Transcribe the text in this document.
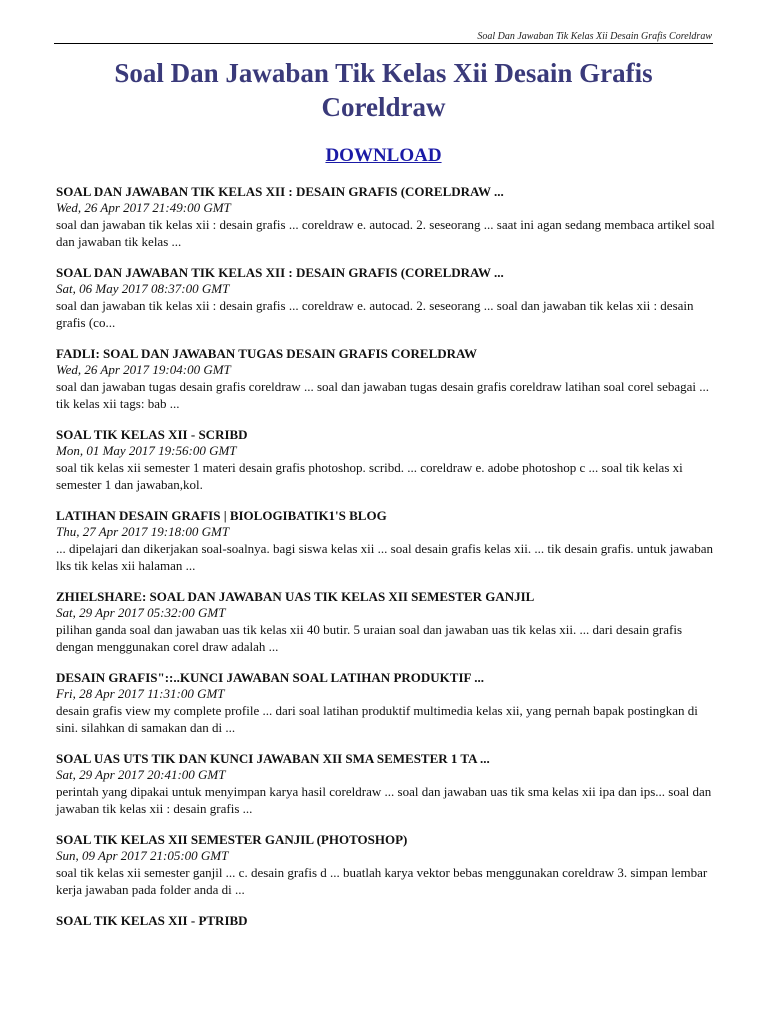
Soal Dan Jawaban Tik Kelas Xii Desain Grafis Coreldraw
Soal Dan Jawaban Tik Kelas Xii Desain Grafis Coreldraw
DOWNLOAD
SOAL DAN JAWABAN TIK KELAS XII : DESAIN GRAFIS (CORELDRAW ...
Wed, 26 Apr 2017 21:49:00 GMT
soal dan jawaban tik kelas xii : desain grafis ... coreldraw e. autocad. 2. seseorang ... saat ini agan sedang membaca artikel soal dan jawaban tik kelas ...
SOAL DAN JAWABAN TIK KELAS XII : DESAIN GRAFIS (CORELDRAW ...
Sat, 06 May 2017 08:37:00 GMT
soal dan jawaban tik kelas xii : desain grafis ... coreldraw e. autocad. 2. seseorang ... soal dan jawaban tik kelas xii : desain grafis (co...
FADLI: SOAL DAN JAWABAN TUGAS DESAIN GRAFIS CORELDRAW
Wed, 26 Apr 2017 19:04:00 GMT
soal dan jawaban tugas desain grafis coreldraw ... soal dan jawaban tugas desain grafis coreldraw latihan soal corel sebagai ... tik kelas xii tags: bab ...
SOAL TIK KELAS XII - SCRIBD
Mon, 01 May 2017 19:56:00 GMT
soal tik kelas xii semester 1 materi desain grafis photoshop. scribd. ... coreldraw e. adobe photoshop c ... soal tik kelas xi semester 1 dan jawaban,kol.
LATIHAN DESAIN GRAFIS | BIOLOGIBATIK1'S BLOG
Thu, 27 Apr 2017 19:18:00 GMT
... dipelajari dan dikerjakan soal-soalnya. bagi siswa kelas xii ... soal desain grafis kelas xii. ... tik desain grafis. untuk jawaban lks tik kelas xii halaman ...
ZHIELSHARE: SOAL DAN JAWABAN UAS TIK KELAS XII SEMESTER GANJIL
Sat, 29 Apr 2017 05:32:00 GMT
pilihan ganda soal dan jawaban uas tik kelas xii 40 butir. 5 uraian soal dan jawaban uas tik kelas xii. ... dari desain grafis dengan menggunakan corel draw adalah ...
DESAIN GRAFIS"::..KUNCI JAWABAN SOAL LATIHAN PRODUKTIF ...
Fri, 28 Apr 2017 11:31:00 GMT
desain grafis view my complete profile ... dari soal latihan produktif multimedia kelas xii, yang pernah bapak postingkan di sini. silahkan di samakan dan di ...
SOAL UAS UTS TIK DAN KUNCI JAWABAN XII SMA SEMESTER 1 TA ...
Sat, 29 Apr 2017 20:41:00 GMT
perintah yang dipakai untuk menyimpan karya hasil coreldraw ... soal dan jawaban uas tik sma kelas xii ipa dan ips... soal dan jawaban tik kelas xii : desain grafis ...
SOAL TIK KELAS XII SEMESTER GANJIL (PHOTOSHOP)
Sun, 09 Apr 2017 21:05:00 GMT
soal tik kelas xii semester ganjil ... c. desain grafis d ... buatlah karya vektor bebas menggunakan coreldraw 3. simpan lembar kerja jawaban pada folder anda di ...
SOAL TIK KELAS XII - PTRIBD
